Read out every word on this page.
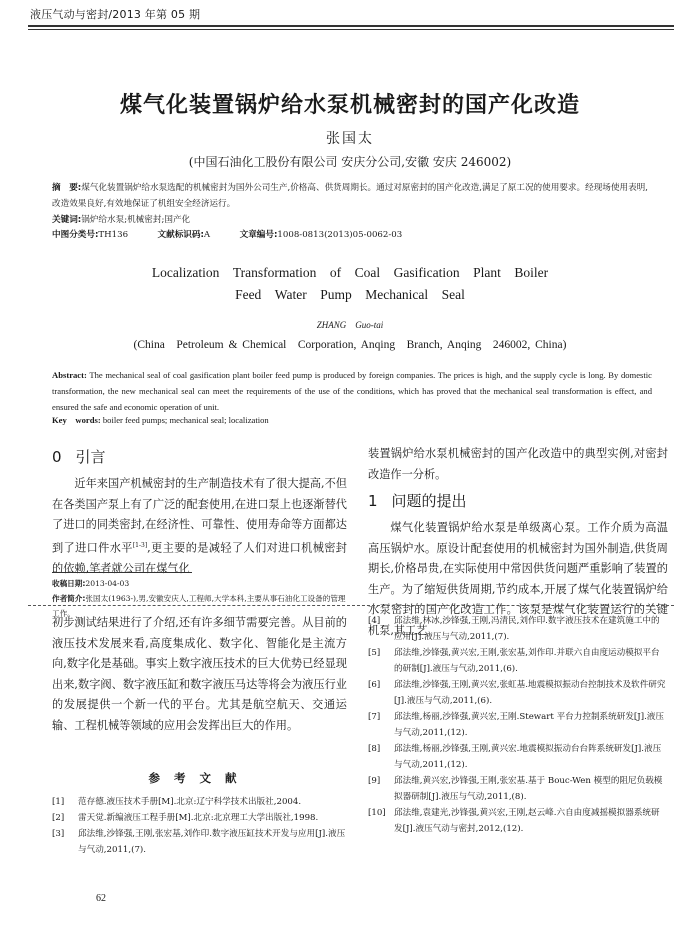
液压气动与密封/2013 年第 05 期
煤气化装置锅炉给水泵机械密封的国产化改造
张国太
(中国石油化工股份有限公司 安庆分公司,安徽 安庆 246002)
摘　要:煤气化装置锅炉给水泵选配的机械密封为国外公司生产,价格高、供货周期长。通过对原密封的国产化改造,满足了原工况的使用要求。经现场使用表明,改造效果良好,有效地保证了机组安全经济运行。
关键词:锅炉给水泵;机械密封;国产化
中图分类号:TH136	文献标识码:A	文章编号:1008-0813(2013)05-0062-03
Localization　Transformation　of　Coal　Gasification　Plant　Boiler
Feed　Water　Pump　Mechanical　Seal
ZHANG　Guo-tai
(China　Petroleum & Chemical　Corporation, Anqing　Branch, Anqing　246002, China)
Abstract: The mechanical seal of coal gasification plant boiler feed pump is produced by foreign companies. The prices is high, and the supply cycle is long. By domestic transformation, the new mechanical seal can meet the requirements of the use of the conditions, which has proved that the mechanical seal transformation is effect, and ensured the safe and economic operation of unit.
Key　words: boiler feed pumps; mechanical seal; localization
0 引言
近年来国产机械密封的生产制造技术有了很大提高,不但在各类国产泵上有了广泛的配套使用,在进口泵上也逐渐替代了进口的同类密封,在经济性、可靠性、使用寿命等方面都达到了进口件水平[1-3],更主要的是减轻了人们对进口机械密封的依赖,笔者就公司在煤气化
收稿日期:2013-04-03
作者简介:张国太(1963-),男,安徽安庆人,工程师,大学本科,主要从事石油化工设备的管理工作。
装置锅炉给水泵机械密封的国产化改造中的典型实例,对密封改造作一分析。
1 问题的提出
煤气化装置锅炉给水泵是单级离心泵。工作介质为高温高压锅炉水。原设计配套使用的机械密封为国外制造,供货周期长,价格昂贵,在实际使用中常因供货问题严重影响了装置的生产。为了缩短供货周期,节约成本,开展了煤气化装置锅炉给水泵密封的国产化改造工作。该泵是煤气化装置运行的关键机泵,其工艺
初步测试结果进行了介绍,还有许多细节需要完善。从目前的液压技术发展来看,高度集成化、数字化、智能化是主流方向,数字化是基础。事实上数字液压技术的巨大优势已经显现出来,数字阀、数字液压缸和数字液压马达等将会为液压行业的发展提供一个新一代的平台。尤其是航空航天、交通运输、工程机械等领域的应用会发挥出巨大的作用。
参考文献
[1] 范存德.液压技术手册[M].北京:辽宁科学技术出版社,2004.
[2] 雷天觉.新编液压工程手册[M].北京:北京理工大学出版社,1998.
[3] 邱法维,沙锋强,王刚,张宏基,刘作印.数字液压缸技术开发与应用[J].液压与气动,2011,(7).
[4] 邱法维,林冰,沙锋强,王刚,冯清民,刘作印.数字液压技术在建筑施工中的应用[J].液压与气动,2011,(7).
[5] 邱法维,沙锋强,黄兴宏,王刚,张宏基,刘作印.并联六自由度运动模拟平台的研制[J].液压与气动,2011,(6).
[6] 邱法维,沙锋强,王刚,黄兴宏,张虹基.地震模拟振动台控制技术及软件研究[J].液压与气动,2011,(6).
[7] 邱法维,杨丽,沙锋强,黄兴宏,王刚.Stewart 平台力控制系统研发[J].液压与气动,2011,(12).
[8] 邱法维,杨丽,沙锋强,王刚,黄兴宏.地震模拟振动台台阵系统研发[J].液压与气动,2011,(12).
[9] 邱法维,黄兴宏,沙锋强,王刚,张宏基.基于 Bouc-Wen 模型的阻尼负载模拟器研制[J].液压与气动,2011,(8).
[10] 邱法维,袁建光,沙锋强,黄兴宏,王刚,赵云峰.六自由度减摇模拟器系统研发[J].液压气动与密封,2012,(12).
62
